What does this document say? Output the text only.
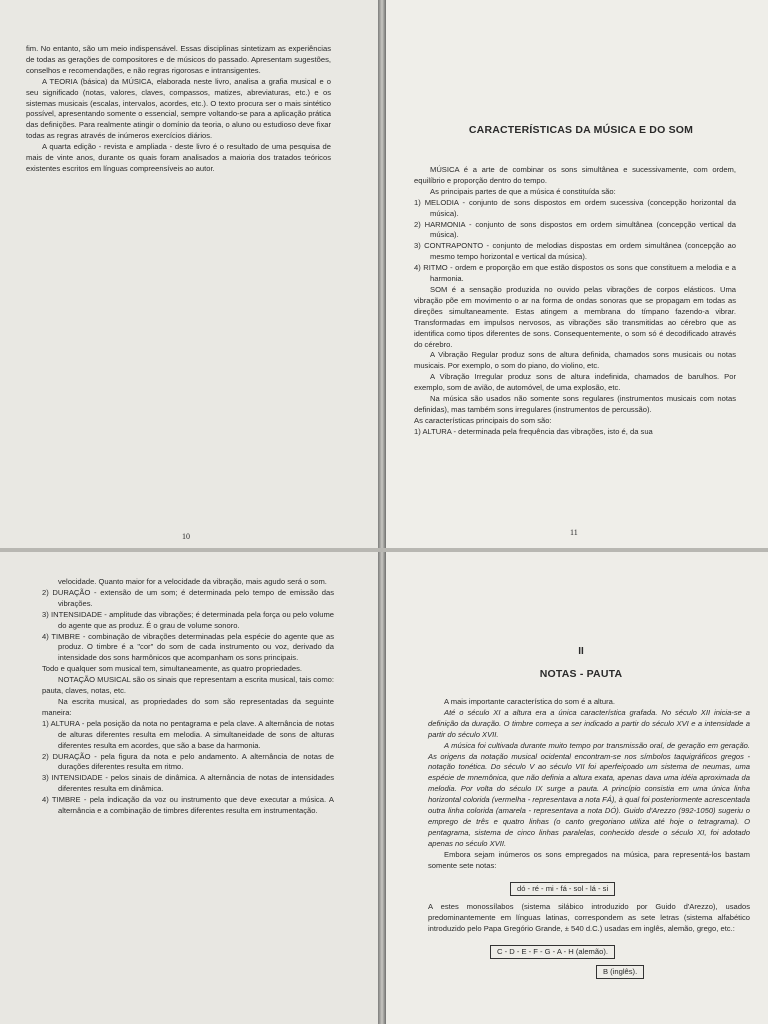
fim. No entanto, são um meio indispensável. Essas disciplinas sintetizam as experiências de todas as gerações de compositores e de músicos do passado. Apresentam sugestões, conselhos e recomendações, e não regras rigorosas e intransigentes.

A TEORIA (básica) da MÚSICA, elaborada neste livro, analisa a grafia musical e o seu significado (notas, valores, claves, compassos, matizes, abreviaturas, etc.) e os sistemas musicais (escalas, intervalos, acordes, etc.). O texto procura ser o mais sintético possível, apresentando somente o essencial, sempre voltando-se para a aplicação prática das definições. Para realmente atingir o domínio da teoria, o aluno ou estudioso deve fixar todas as regras através de inúmeros exercícios diários.

A quarta edição - revista e ampliada - deste livro é o resultado de uma pesquisa de mais de vinte anos, durante os quais foram analisados a maioria dos tratados teóricos existentes escritos em línguas compreensíveis ao autor.

10
CARACTERÍSTICAS DA MÚSICA E DO SOM

MÚSICA é a arte de combinar os sons simultânea e sucessivamente, com ordem, equilíbrio e proporção dentro do tempo.

As principais partes de que a música é constituída são:

1) MELODIA - conjunto de sons dispostos em ordem sucessiva (concepção horizontal da música).

2) HARMONIA - conjunto de sons dispostos em ordem simultânea (concepção vertical da música).

3) CONTRAPONTO - conjunto de melodias dispostas em ordem simultânea (concepção ao mesmo tempo horizontal e vertical da música).

4) RITMO - ordem e proporção em que estão dispostos os sons que constituem a melodia e a harmonia.

SOM é a sensação produzida no ouvido pelas vibrações de corpos elásticos. Uma vibração põe em movimento o ar na forma de ondas sonoras que se propagam em todas as direções simultaneamente. Estas atingem a membrana do tímpano fazendo-a vibrar. Transformadas em impulsos nervosos, as vibrações são transmitidas ao cérebro que as identifica como tipos diferentes de sons. Consequentemente, o som só é decodificado através do cérebro.

A Vibração Regular produz sons de altura definida, chamados sons musicais ou notas musicais. Por exemplo, o som do piano, do violino, etc.

A Vibração Irregular produz sons de altura indefinida, chamados de barulhos. Por exemplo, som de avião, de automóvel, de uma explosão, etc.

Na música são usados não somente sons regulares (instrumentos musicais com notas definidas), mas também sons irregulares (instrumentos de percussão).

As características principais do som são:

1) ALTURA - determinada pela frequência das vibrações, isto é, da sua

11

velocidade. Quanto maior for a velocidade da vibração, mais agudo será o som.

2) DURAÇÃO - extensão de um som; é determinada pelo tempo de emissão das vibrações.

3) INTENSIDADE - amplitude das vibrações; é determinada pela força ou pelo volume do agente que as produz. É o grau de volume sonoro.

4) TIMBRE - combinação de vibrações determinadas pela espécie do agente que as produz. O timbre é a "cor" do som de cada instrumento ou voz, derivado da intensidade dos sons harmônicos que acompanham os sons principais.

Todo e qualquer som musical tem, simultaneamente, as quatro propriedades.

NOTAÇÃO MUSICAL são os sinais que representam a escrita musical, tais como: pauta, claves, notas, etc.

Na escrita musical, as propriedades do som são representadas da seguinte maneira:

1) ALTURA - pela posição da nota no pentagrama e pela clave. A alternância de notas de alturas diferentes resulta em melodia. A simultaneidade de sons de alturas diferentes resulta em acordes, que são a base da harmonia.

2) DURAÇÃO - pela figura da nota e pelo andamento. A alternância de notas de durações diferentes resulta em ritmo.

3) INTENSIDADE - pelos sinais de dinâmica. A alternância de notas de intensidades diferentes resulta em dinâmica.

4) TIMBRE - pela indicação da voz ou instrumento que deve executar a música. A alternância e a combinação de timbres diferentes resulta em instrumentação.

II
NOTAS - PAUTA

A mais importante característica do som é a altura.

Até o século XI a altura era a única característica grafada. No século XII inicia-se a definição da duração. O timbre começa a ser indicado a partir do século XVI e a intensidade a partir do século XVII.

A música foi cultivada durante muito tempo por transmissão oral, de geração em geração. As origens da notação musical ocidental encontram-se nos símbolos taquigráficos gregos - notação tonética. Do século V ao século VII foi aperfeiçoado um sistema de neumas, uma espécie de mnemônica, que não definia a altura exata, apenas dava uma idéia aproximada da melodia. Por volta do século IX surge a pauta. A princípio consistia em uma única linha horizontal colorida (vermelha - representava a nota FÁ), à qual foi posteriormente acrescentada outra linha colorida (amarela - representava a nota DÓ). Guido d'Arezzo (992-1050) sugeriu o emprego de três e quatro linhas (o canto gregoriano utiliza até hoje o tetragrama). O pentagrama, sistema de cinco linhas paralelas, conhecido desde o século XI, foi adotado apenas no século XVII.

Embora sejam inúmeros os sons empregados na música, para representá-los bastam somente sete notas:

dó - ré - mi - fá - sol - lá - si

A estes monossílabos (sistema silábico introduzido por Guido d'Arezzo), usados predominantemente em línguas latinas, correspondem as sete letras (sistema alfabético introduzido pelo Papa Gregório Grande, ± 540 d.C.) usadas em inglês, alemão, grego, etc.:

C - D - E - F - G - A - H (alemão).
B (inglês).
